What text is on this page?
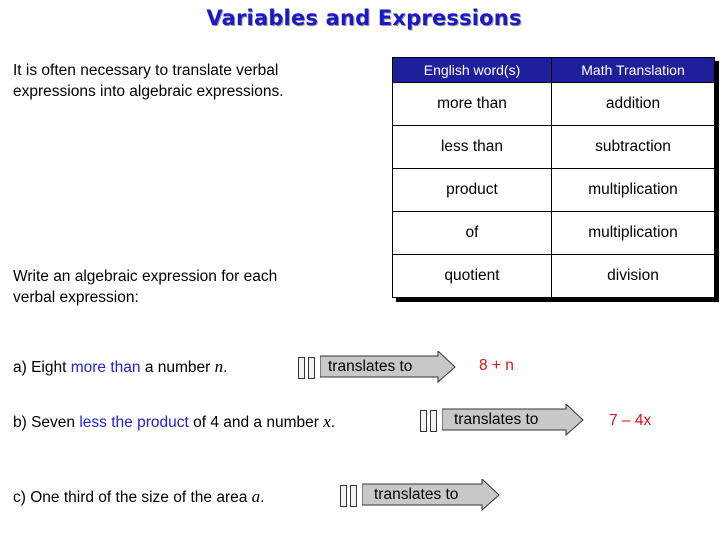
Variables and Expressions
It is often necessary to translate verbal
expressions into algebraic expressions.
Write an algebraic expression for each
verbal expression:
English word(s)	Math Translation
more than	addition
less than	subtraction
product	multiplication
of	multiplication
quotient	division
a) Eight more than a number n.	translates to	8 + n
b) Seven less the product of 4 and a number x.	translates to	7 – 4x
c) One third of the size of the area a.	translates to
